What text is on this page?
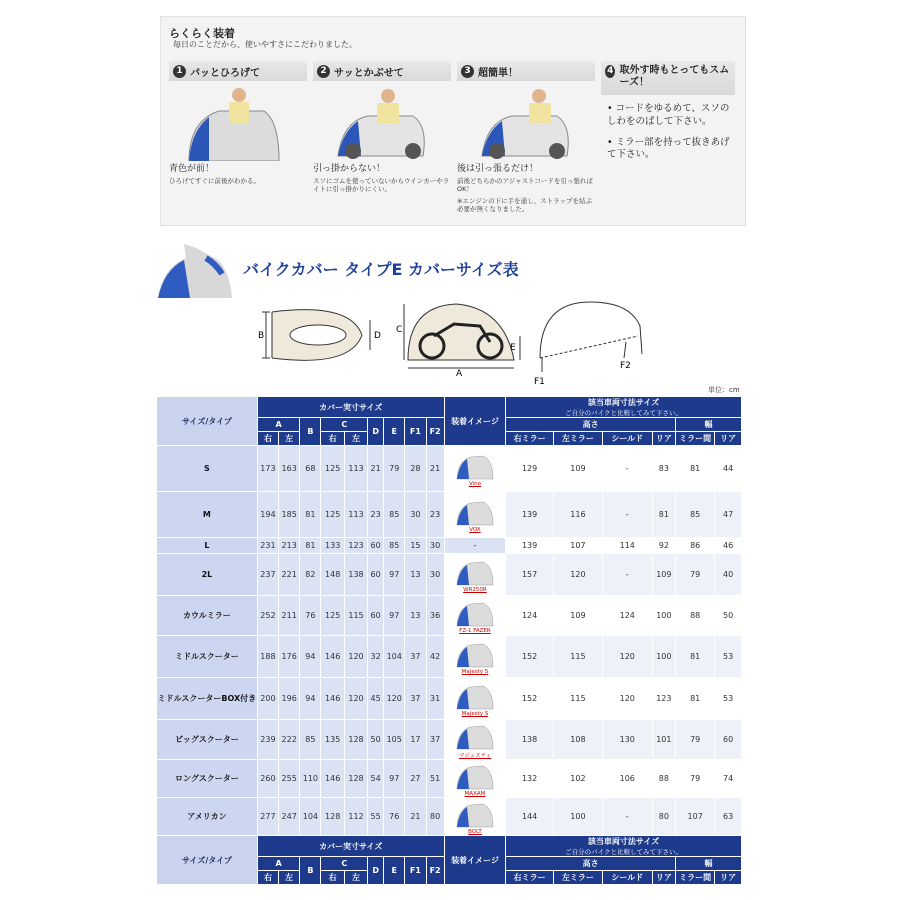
らくらく装着
毎日のことだから、使いやすさにこだわりました。
1 パッとひろげて
青色が前！
ひろげてすぐに前後がわかる。
2 サッとかぶせて
引っ掛からない！
スソにゴムを使っていないからウインカーやライトに引っ掛かりにくい。
3 超簡単！
後は引っ張るだけ！
前後どちらかのアジャストコードを引っ張ればOK！
※エンジンの下に手を通し、ストラップを結ぶ必要が無くなりました。
4 取外す時もとってもスムーズ！
• コードをゆるめて、スソのしわをのばして下さい。
• ミラー部を持って抜きあげて下さい。
バイクカバー タイプE カバーサイズ表
B	D
C
A
E
F1
F2
単位：cm
サイズ/タイプ	カバー実寸サイズ									装着イメージ	該当車両寸法サイズ
ご自分のバイクと比較してみて下さい。					
	A		B	C		D	E	F1	F2		高さ				幅	
	右	左		右	左						右ミラー	左ミラー	シールド	リア	ミラー間	リア
S	173	163	68	125	113	21	79	28	21	Vino	129	109	-	83	81	44
M	194	185	81	125	113	23	85	30	23	VOX	139	116	-	81	85	47
L	231	213	81	133	123	60	85	15	30	-	139	107	114	92	86	46
2L	237	221	82	148	138	60	97	13	30	WR250R	157	120	-	109	79	40
カウルミラー	252	211	76	125	115	60	97	13	36	FZ-1 FAZER	124	109	124	100	88	50
ミドルスクーター	188	176	94	146	120	32	104	37	42	Majesty S	152	115	120	100	81	53
ミドルスクーターBOX付き	200	196	94	146	120	45	120	37	31	Majesty S	152	115	120	123	81	53
ビッグスクーター	239	222	85	135	128	50	105	17	37	マジェスティ	138	108	130	101	79	60
ロングスクーター	260	255	110	146	128	54	97	27	51	MAXAM	132	102	106	88	79	74
アメリカン	277	247	104	128	112	55	76	21	80	BOLT	144	100	-	80	107	63
サイズ/タイプ	カバー実寸サイズ									装着イメージ	該当車両寸法サイズ
ご自分のバイクと比較してみて下さい。					
	A		B	C		D	E	F1	F2		高さ				幅	
	右	左		右	左						右ミラー	左ミラー	シールド	リア	ミラー間	リア
